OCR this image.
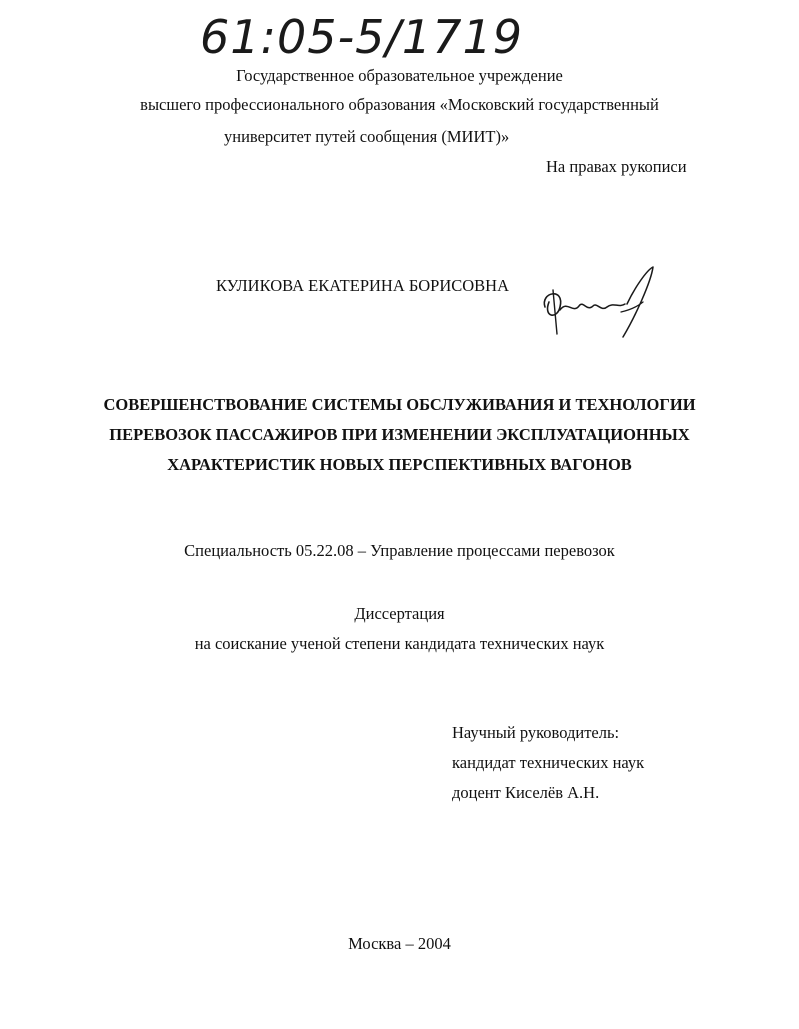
61:05-5/1719
Государственное образовательное учреждение
высшего профессионального образования «Московский государственный
университет путей сообщения (МИИТ)»
На правах рукописи
КУЛИКОВА ЕКАТЕРИНА БОРИСОВНА
СОВЕРШЕНСТВОВАНИЕ СИСТЕМЫ ОБСЛУЖИВАНИЯ И ТЕХНОЛОГИИ
ПЕРЕВОЗОК ПАССАЖИРОВ ПРИ ИЗМЕНЕНИИ ЭКСПЛУАТАЦИОННЫХ
ХАРАКТЕРИСТИК НОВЫХ ПЕРСПЕКТИВНЫХ ВАГОНОВ
Специальность 05.22.08 – Управление процессами перевозок
Диссертация
на соискание ученой степени кандидата технических наук
Научный руководитель:
кандидат технических наук
доцент Киселёв А.Н.
Москва – 2004
